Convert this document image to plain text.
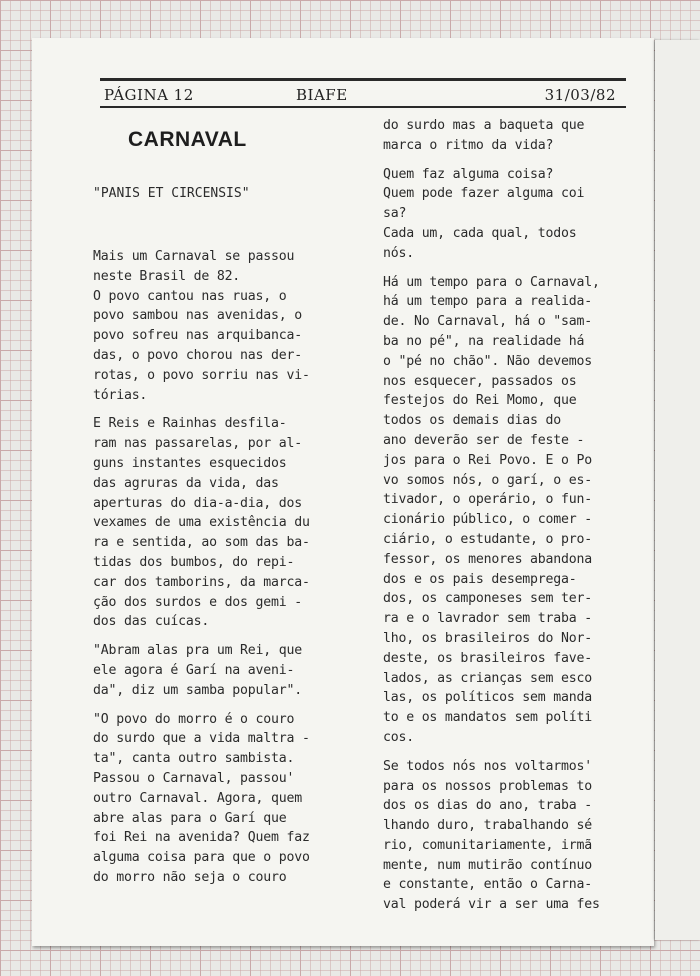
PÁGINA 12	BIAFE	31/03/82
CARNAVAL
"PANIS ET CIRCENSIS"

Mais um Carnaval se passou
neste Brasil de 82.
O povo cantou nas ruas, o
povo sambou nas avenidas, o
povo sofreu nas arquibanca-
das, o povo chorou nas der-
rotas, o povo sorriu nas vi-
tórias.

E Reis e Rainhas desfila-
ram nas passarelas, por al-
guns instantes esquecidos
das agruras da vida, das
aperturas do dia-a-dia, dos
vexames de uma existência du
ra e sentida, ao som das ba-
tidas dos bumbos, do repi-
car dos tamborins, da marca-
ção dos surdos e dos gemi -
dos das cuícas.

"Abram alas pra um Rei, que
ele agora é Garí na aveni-
da", diz um samba popular".

"O povo do morro é o couro
do surdo que a vida maltra -
ta", canta outro sambista.
Passou o Carnaval, passou'
outro Carnaval. Agora, quem
abre alas para o Garí que
foi Rei na avenida? Quem faz
alguma coisa para que o povo
do morro não seja o couro

do surdo mas a baqueta que
marca o ritmo da vida?

Quem faz alguma coisa?
Quem pode fazer alguma coi
sa?
Cada um, cada qual, todos
nós.

Há um tempo para o Carnaval,
há um tempo para a realida-
de. No Carnaval, há o "sam-
ba no pé", na realidade há
o "pé no chão". Não devemos
nos esquecer, passados os
festejos do Rei Momo, que
todos os demais dias do
ano deverão ser de feste -
jos para o Rei Povo. E o Po
vo somos nós, o garí, o es-
tivador, o operário, o fun-
cionário público, o comer -
ciário, o estudante, o pro-
fessor, os menores abandona
dos e os pais desemprega-
dos, os camponeses sem ter-
ra e o lavrador sem traba -
lho, os brasileiros do Nor-
deste, os brasileiros fave-
lados, as crianças sem esco
las, os políticos sem manda
to e os mandatos sem políti
cos.

Se todos nós nos voltarmos'
para os nossos problemas to
dos os dias do ano, traba -
lhando duro, trabalhando sé
rio, comunitariamente, irmã
mente, num mutirão contínuo
e constante, então o Carna-
val poderá vir a ser uma fes
